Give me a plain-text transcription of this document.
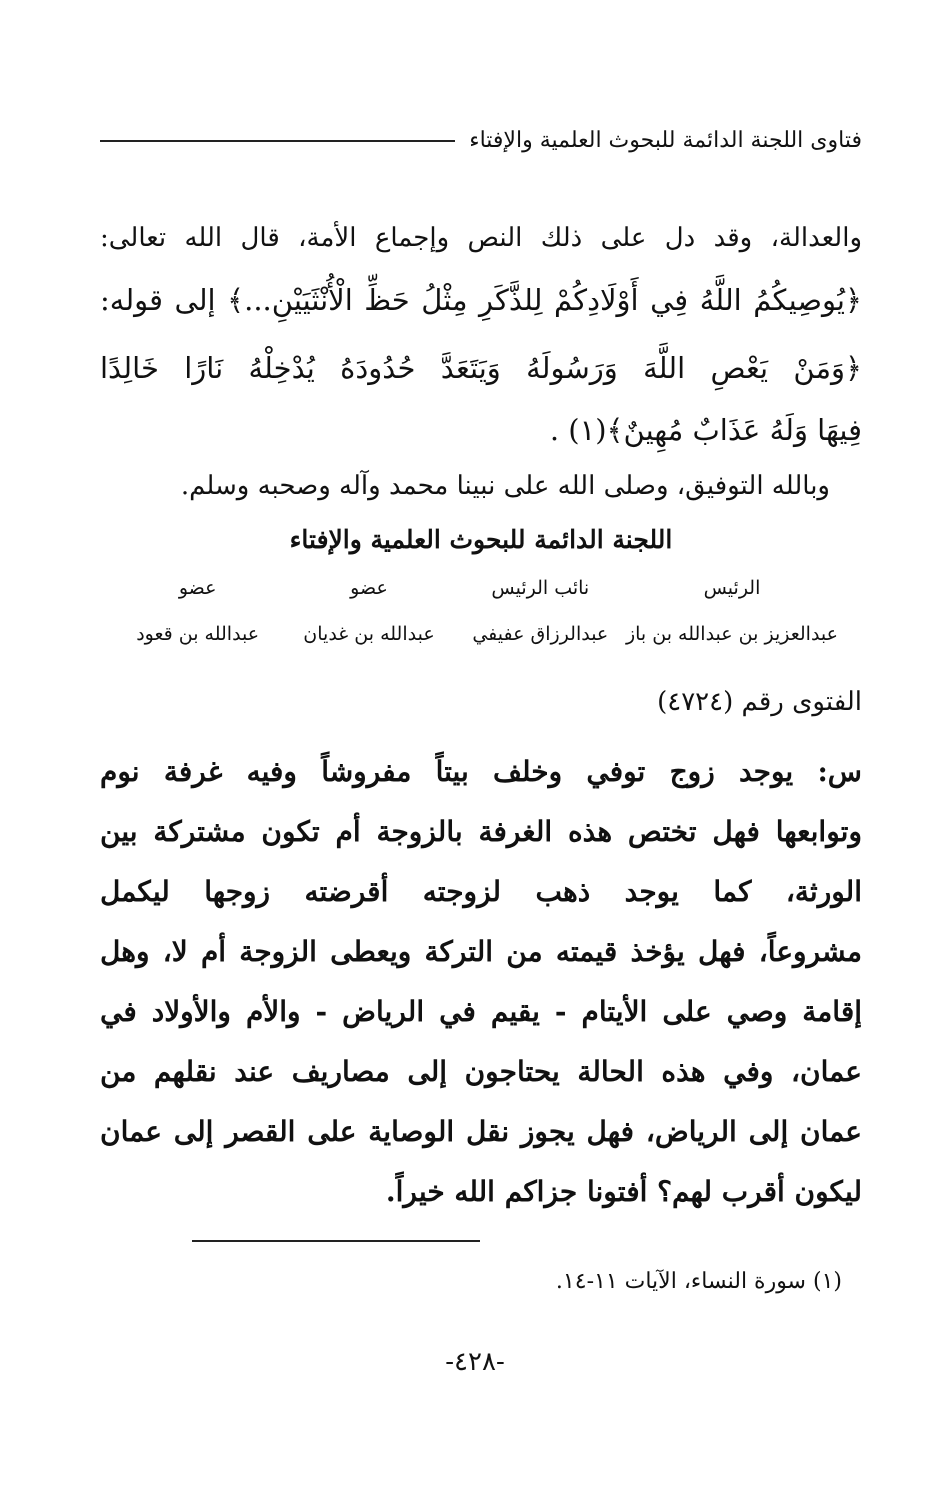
فتاوى اللجنة الدائمة للبحوث العلمية والإفتاء
والعدالة، وقد دل على ذلك النص وإجماع الأمة، قال الله تعالى:
﴿يُوصِيكُمُ اللَّهُ فِي أَوْلَادِكُمْ لِلذَّكَرِ مِثْلُ حَظِّ الْأُنْثَيَيْنِ...﴾ إلى قوله:
﴿وَمَنْ يَعْصِ اللَّهَ وَرَسُولَهُ وَيَتَعَدَّ حُدُودَهُ يُدْخِلْهُ نَارًا خَالِدًا
فِيهَا وَلَهُ عَذَابٌ مُهِينٌ﴾(١) .
وبالله التوفيق، وصلى الله على نبينا محمد وآله وصحبه وسلم.
اللجنة الدائمة للبحوث العلمية والإفتاء
الرئيس
نائب الرئيس
عضو
عضو
عبدالعزيز بن عبدالله بن باز
عبدالرزاق عفيفي
عبدالله بن غديان
عبدالله بن قعود
الفتوى رقم (٤٧٢٤)
س: يوجد زوج توفي وخلف بيتاً مفروشاً وفيه غرفة نوم
وتوابعها فهل تختص هذه الغرفة بالزوجة أم تكون مشتركة بين
الورثة، كما يوجد ذهب لزوجته أقرضته زوجها ليكمل
مشروعاً، فهل يؤخذ قيمته من التركة ويعطى الزوجة أم لا، وهل
إقامة وصي على الأيتام - يقيم في الرياض - والأم والأولاد في
عمان، وفي هذه الحالة يحتاجون إلى مصاريف عند نقلهم من
عمان إلى الرياض، فهل يجوز نقل الوصاية على القصر إلى عمان
ليكون أقرب لهم؟ أفتونا جزاكم الله خيراً.
(١) سورة النساء، الآيات ١١-١٤.
-٤٢٨-
